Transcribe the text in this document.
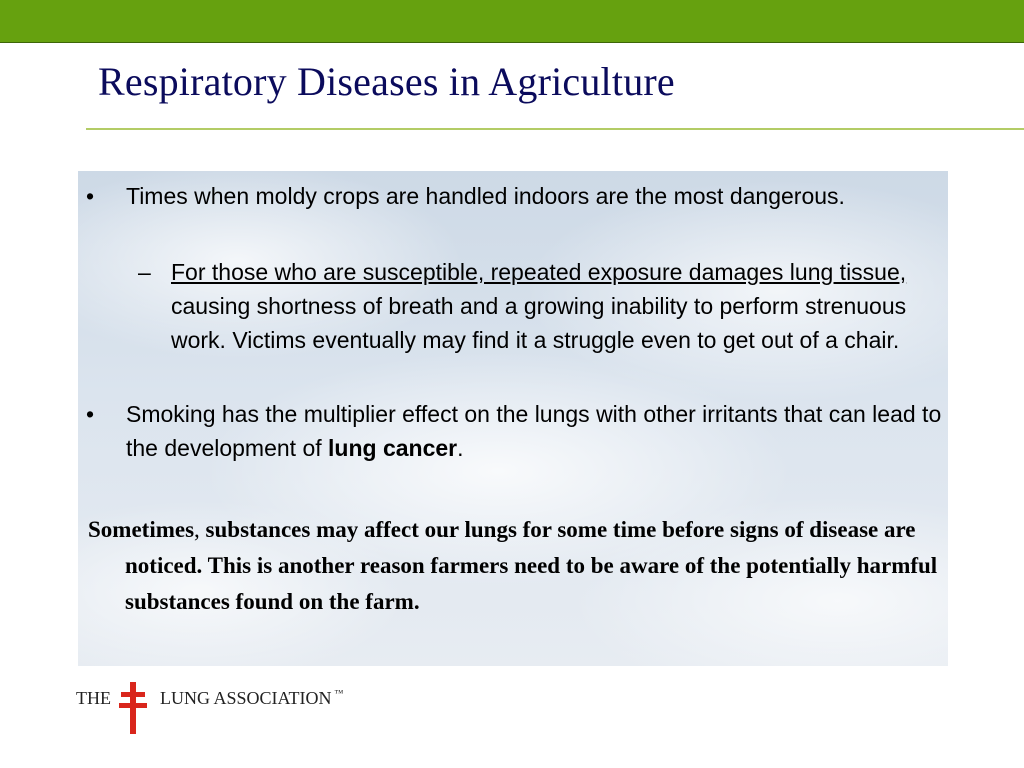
Respiratory Diseases in Agriculture
• Times when moldy crops are handled indoors are the most dangerous.
– For those who are susceptible, repeated exposure damages lung tissue, causing shortness of breath and a growing inability to perform strenuous work. Victims eventually may find it a struggle even to get out of a chair.
• Smoking has the multiplier effect on the lungs with other irritants that can lead to the development of lung cancer.
Sometimes, substances may affect our lungs for some time before signs of disease are noticed. This is another reason farmers need to be aware of the potentially harmful substances found on the farm.
THE	LUNG ASSOCIATION ™
